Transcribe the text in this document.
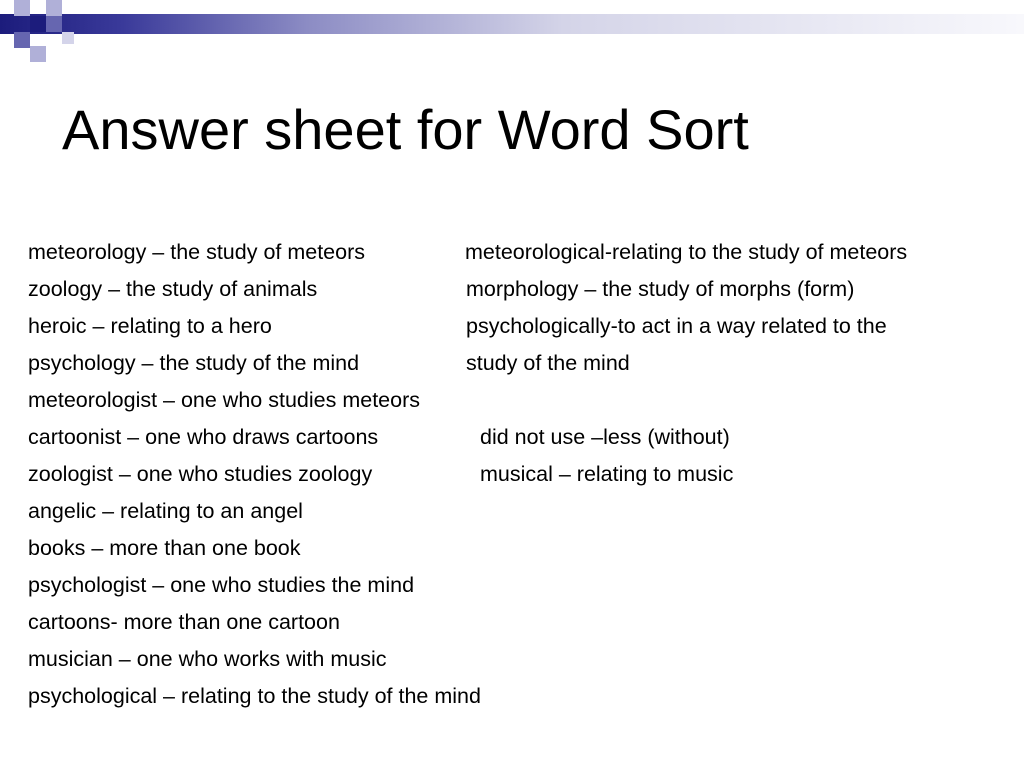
Answer sheet for Word Sort
meteorology – the study of meteors
zoology – the study of animals
heroic – relating to a hero
psychology – the study of the mind
meteorologist – one who studies meteors
cartoonist – one who draws cartoons
zoologist – one who studies zoology
angelic – relating to an angel
books – more than one book
psychologist – one who studies the mind
cartoons- more than one cartoon
musician – one who works with music
psychological – relating to the study of the mind
meteorological-relating to the study of meteors
morphology – the study of morphs (form)
psychologically-to act in a way related to the
study of the mind
did not use –less (without)
musical – relating to music
